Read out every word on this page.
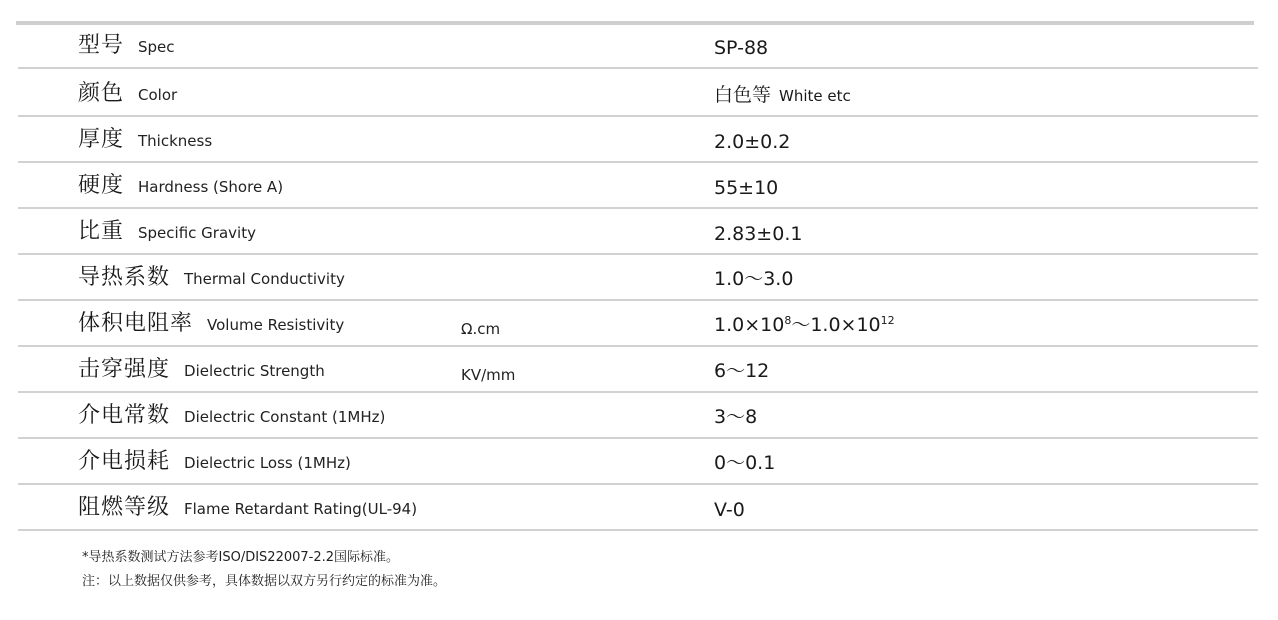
型号 Spec	SP-88
颜色 Color	白色等 White etc
厚度 Thickness	2.0±0.2
硬度 Hardness (Shore A)	55±10
比重 Specific Gravity	2.83±0.1
导热系数 Thermal Conductivity	1.0～3.0
体积电阻率 Volume Resistivity	Ω.cm	$1.0\times 10^8\sim 1.0\times 10^{12}$
击穿强度 Dielectric Strength	KV/mm	6～12
介电常数 Dielectric Constant (1MHz)	3～8
介电损耗 Dielectric Loss (1MHz)	0～0.1
阻燃等级 Flame Retardant Rating(UL-94)	V-0
*导热系数测试方法参考ISO/DIS22007-2.2国际标准。
注：以上数据仅供参考，具体数据以双方另行约定的标准为准。
